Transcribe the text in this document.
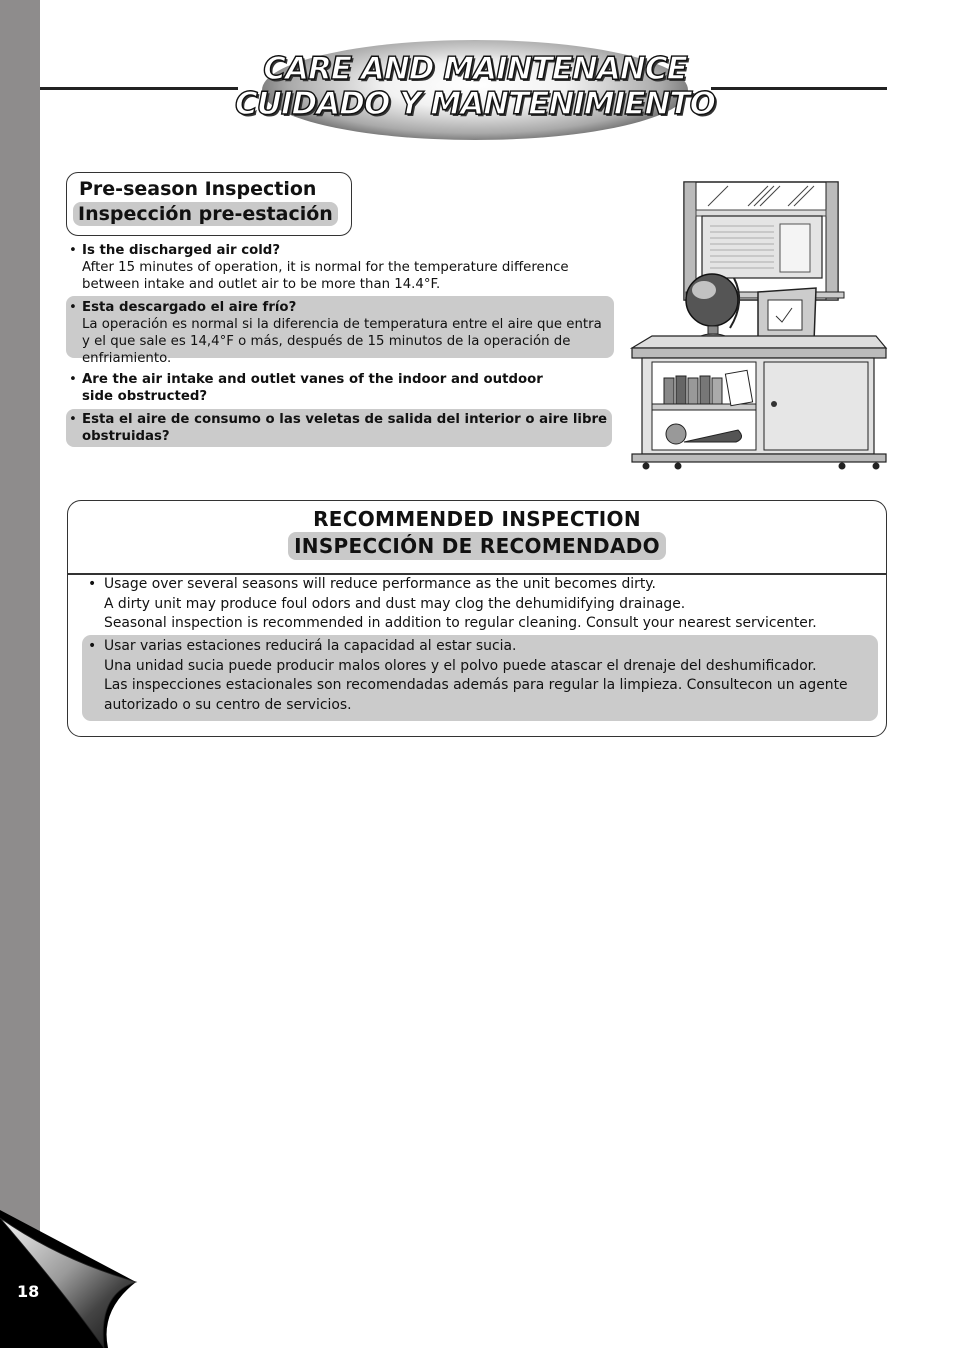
CARE AND MAINTENANCE
CUIDADO Y MANTENIMIENTO
Pre-season Inspection
Inspección pre-estación
• Is the discharged air cold?
After 15 minutes of operation, it is normal for the temperature difference between intake and outlet air to be more than 14.4°F.
• Esta descargado el aire frío?
La operación es normal si la diferencia de temperatura entre el aire que entra y el que sale es 14,4°F o más, después de 15 minutos de la operación de enfriamiento.
• Are the air intake and outlet vanes of the indoor and outdoor side obstructed?
• Esta el aire de consumo o las veletas de salida del interior o aire libre obstruidas?
RECOMMENDED INSPECTION
INSPECCIÓN DE RECOMENDADO
• Usage over several seasons will reduce performance as the unit becomes dirty.
A dirty unit may produce foul odors and dust may clog the dehumidifying drainage.
Seasonal inspection is recommended in addition to regular cleaning. Consult your nearest servicenter.
• Usar varias estaciones reducirá la capacidad al estar sucia.
Una unidad sucia puede producir malos olores y el polvo puede atascar el drenaje del deshumificador.
Las inspecciones estacionales son recomendadas además para regular la limpieza. Consultecon un agente autorizado o su centro de servicios.
18
